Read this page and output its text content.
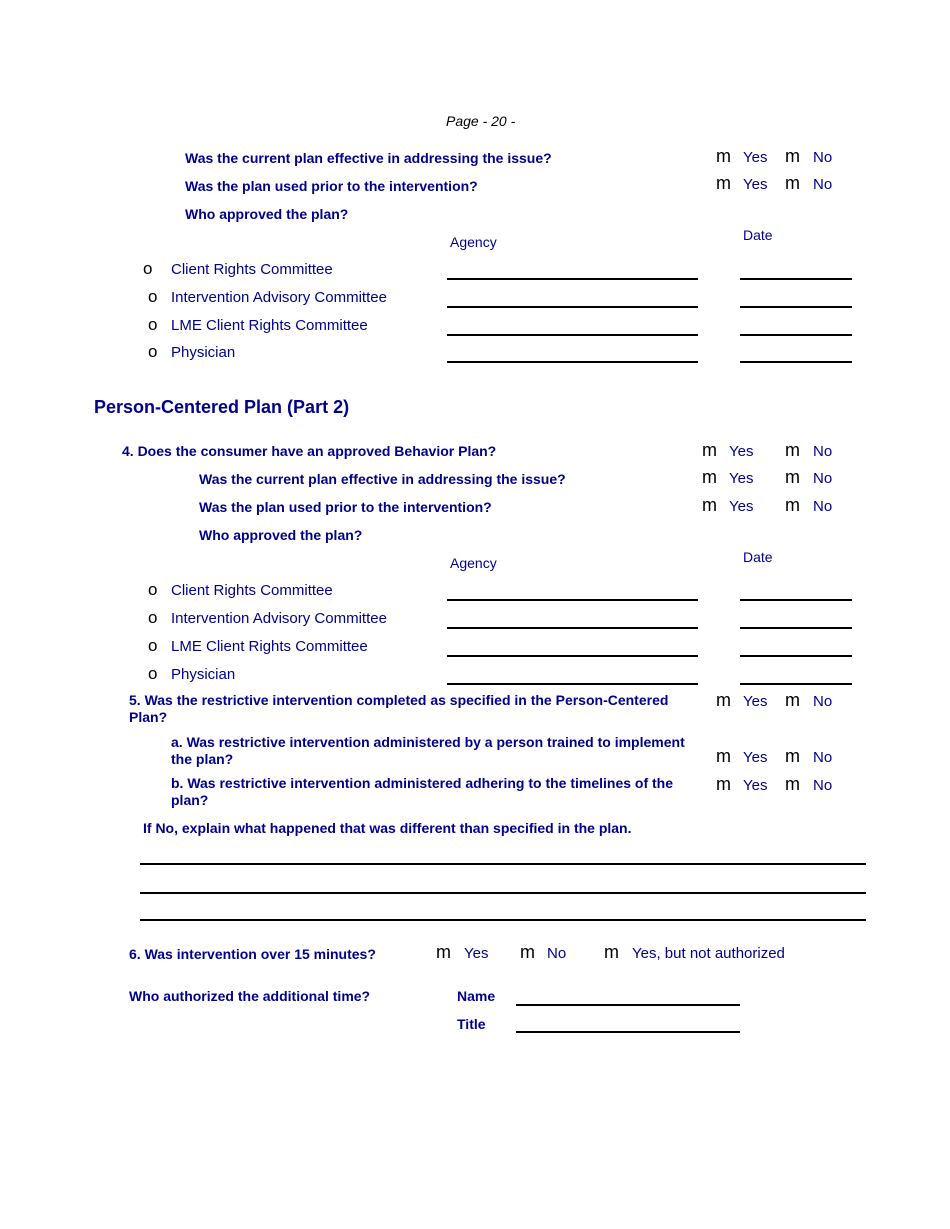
Page - 20 -
Was the current plan effective in addressing the issue?	m Yes m No
Was the plan used prior to the intervention?	m Yes m No
Who approved the plan?
Agency	Date
o Client Rights Committee
o Intervention Advisory Committee
o LME Client Rights Committee
o Physician
Person-Centered Plan (Part 2)
4. Does the consumer have an approved Behavior Plan?	m Yes m No
Was the current plan effective in addressing the issue?	m Yes m No
Was the plan used prior to the intervention?	m Yes m No
Who approved the plan?
Agency	Date
o Client Rights Committee
o Intervention Advisory Committee
o LME Client Rights Committee
o Physician
5. Was the restrictive intervention completed as specified in the Person-Centered Plan?
m Yes m No
a. Was restrictive intervention administered by a person trained to implement the plan?	m Yes m No
b. Was restrictive intervention administered adhering to the timelines of the plan?
m Yes m No
If No, explain what happened that was different than specified in the plan.
6. Was intervention over 15 minutes?	m Yes m No m Yes, but not authorized
Who authorized the additional time?	Name
Title
